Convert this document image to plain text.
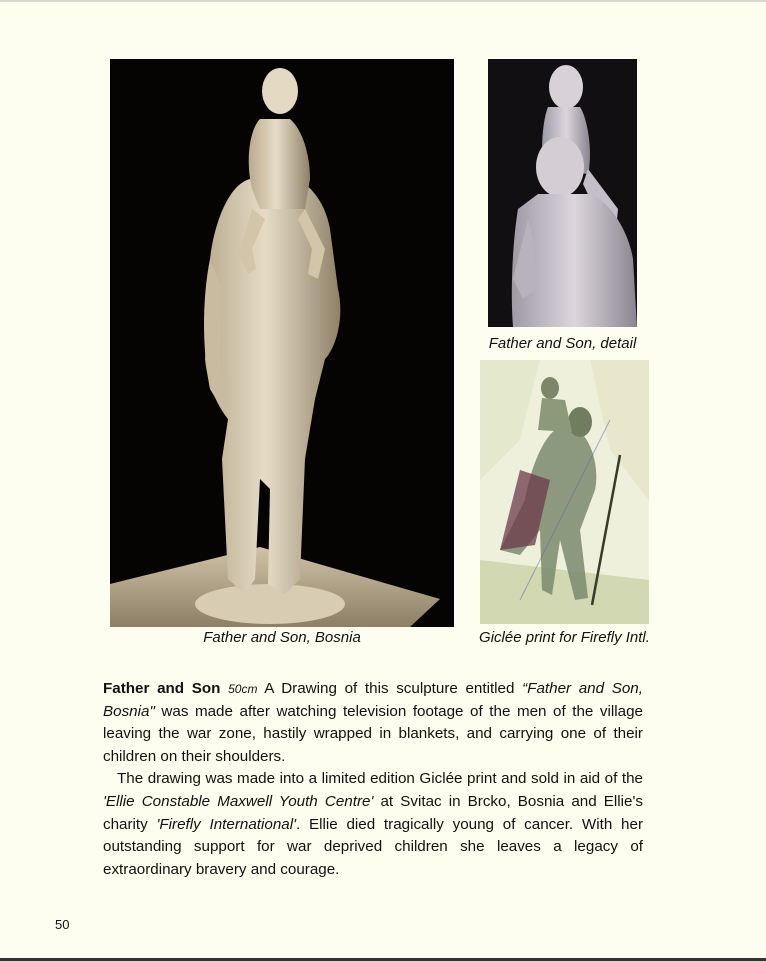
Father and Son, Bosnia
Father and Son, detail
Giclée print for Firefly Intl.

Father and Son 50cm A Drawing of this sculpture entitled “Father and Son, Bosnia" was made after watching television footage of the men of the village leaving the war zone, hastily wrapped in blankets, and carrying one of their children on their shoulders.

The drawing was made into a limited edition Giclée print and sold in aid of the 'Ellie Constable Maxwell Youth Centre' at Svitac in Brcko, Bosnia and Ellie's charity 'Firefly International'. Ellie died tragically young of cancer. With her outstanding support for war deprived children she leaves a legacy of extraordinary bravery and courage.

50
